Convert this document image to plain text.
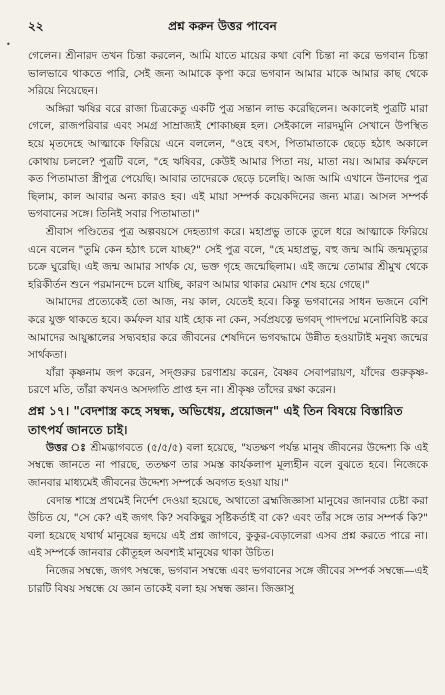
২২	প্রশ্ন করুন উত্তর পাবেন
•

গেলেন। শ্রীনারদ তখন চিন্তা করলেন, আমি যাতে মায়ের কথা বেশি চিন্তা না করে ভগবান চিন্তা ভালভাবে থাকতে পারি, সেই জন্য আমাকে কৃপা করে ভগবান আমার মাকে আমার কাছ থেকে সরিয়ে নিয়েছেন।

অঙ্গিরা ঋষির বরে রাজা চিত্রকেতু একটি পুত্র সন্তান লাভ করেছিলেন। অকালেই পুত্রটি মারা গেলে, রাজপরিবার এবং সমগ্র সাম্রাজ্যই শোকাচ্ছন্ন হল। সেইকালে নারদমুনি সেখানে উপস্থিত হয়ে মৃতদেহে আত্মাকে ফিরিয়ে এনে বললেন, "ওহে বৎস, পিতামাতাকে ছেড়ে হঠাৎ অকালে কোথায় চললে? পুত্রটি বলে, "হে ঋষিবর, কেউই আমার পিতা নয়, মাতা নয়। আমার কর্মফলে কত পিতামাতা স্ত্রীপুত্র পেয়েছি। আবার তাদেরকে ছেড়ে চলেছি। আজ আমি এখানে উনাদের পুত্র ছিলাম, কাল আবার অন্য কারও হব। এই মায়া সম্পর্ক কয়েকদিনের জন্য মাত্র। আসল সম্পর্ক ভগবানের সঙ্গে। তিনিই সবার পিতামাতা।"

শ্রীবাস পণ্ডিতের পুত্র অল্পবয়সে দেহত্যাগ করে। মহাপ্রভু তাকে তুলে ধরে আত্মাকে ফিরিয়ে এনে বলেন "তুমি কেন হঠাৎ চলে যাচ্ছ?" সেই পুত্র বলে, "হে মহাপ্রভু, বহু জন্ম আমি জন্মমৃত্যুর চক্রে ঘুরেছি। এই জন্ম আমার সার্থক যে, ভক্ত গৃহে জন্মেছিলাম। এই জন্মে তোমার শ্রীমুখ থেকে হরিকীর্তন শুনে পরমানন্দে চলে যাচ্ছি, কারণ আমার থাকার মেয়াদ শেষ হয়ে গেছে।"

আমাদের প্রত্যেকেই তো আজ, নয় কাল, যেতেই হবে। কিন্তু ভগবানের সাধন ভজনে বেশি করে যুক্ত থাকতে হবে। কর্মফল যার যাই হোক না কেন, সর্বপ্রযত্নে ভগবদ্ পাদপদ্মে মনোনিবিষ্ট করে আমাদের আয়ুষ্কালের সদ্ব্যবহার করে জীবনের শেষদিনে ভগবদ্ধামে উন্নীত হওয়াটাই মনুষ্য জন্মের সার্থকতা।

যাঁরা কৃষ্ণনাম জপ করেন, সদ্গুরুর চরণাশ্রয় করেন, বৈষ্ণব সেবাপরায়ণ, যাঁদের গুরুকৃষ্ণ-চরণে মতি, তাঁরা কখনও অসদ্গতি প্রাপ্ত হন না। শ্রীকৃষ্ণ তাঁদের রক্ষা করেন।

প্রশ্ন ১৭। "বেদশাস্ত্র কহে সম্বন্ধ, অভিধেয়, প্রয়োজন" এই তিন বিষয়ে বিস্তারিত তাৎপর্য জানতে চাই।

উত্তর ঃ শ্রীমদ্ভাগবতে (৫/৫/৫) বলা হয়েছে, "যতক্ষণ পর্যন্ত মানুষ জীবনের উদ্দেশ্য কি এই সম্বন্ধে জানতে না পারছে, ততক্ষণ তার সমস্ত কার্যকলাপ মূল্যহীন বলে বুঝতে হবে। নিজেকে জানবার মাধ্যমেই জীবনের উদ্দেশ্য সম্পর্কে অবগত হওয়া যায়।"

বেদান্ত শাস্ত্রে প্রথমেই নির্দেশ দেওয়া হয়েছে, অথাতো ব্রহ্মজিজ্ঞাসা মানুষের জানবার চেষ্টা করা উচিত যে, "সে কে? এই জগৎ কি? সবকিছুর সৃষ্টিকর্তাই বা কে? এবং তাঁর সঙ্গে তার সম্পর্ক কি?" বলা হয়েছে যথার্থ মানুষের হৃদয়ে এই প্রশ্ন জাগবে, কুকুর-বেড়ালেরা এসব প্রশ্ন করতে পারে না। এই সম্পর্কে জানবার কৌতূহল অবশ্যই মানুষের থাকা উচিত।

নিজের সম্বন্ধে, জগৎ সম্বন্ধে, ভগবান সম্বন্ধে এবং ভগবানের সঙ্গে জীবের সম্পর্ক সম্বন্ধে—এই চারটি বিষয় সম্বন্ধে যে জ্ঞান তাকেই বলা হয় সম্বন্ধ জ্ঞান। জিজ্ঞাসু
